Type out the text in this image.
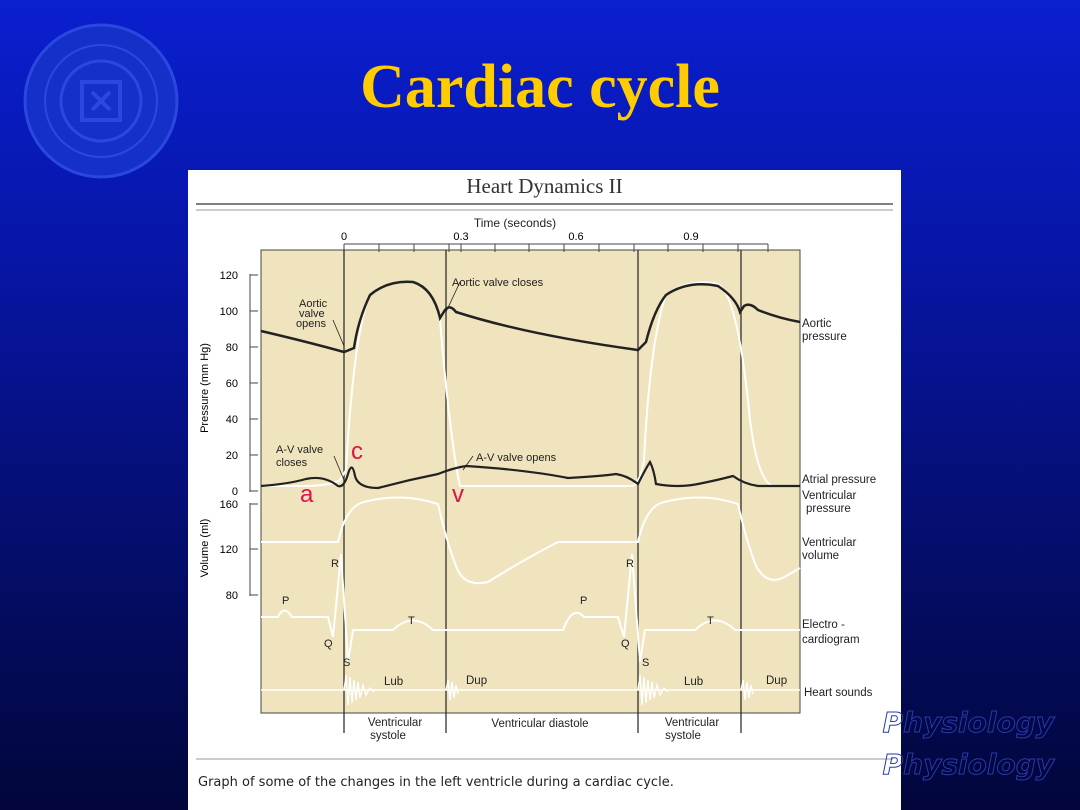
Cardiac cycle
Heart Dynamics II
Time (seconds)
0	0.3	0.6	0.9
Pressure (mm Hg)
120
100
80
60
40
20
0
Volume (ml)
160
120
80
Aortic
valve
opens
Aortic valve closes
A-V valve
closes	A-V valve opens
Aortic
pressure
Atrial pressure
Ventricular
pressure
Ventricular
volume
Electro -
cardiogram
Heart sounds
P
R
Q
S
T
P
R
Q
S
T
Lub	Dup	Lub	Dup
Ventricular
systole
Ventricular diastole	Ventricular
systole
c
a	v
Graph of some of the changes in the left ventricle during a cardiac cycle.
Physiology
Physiology
